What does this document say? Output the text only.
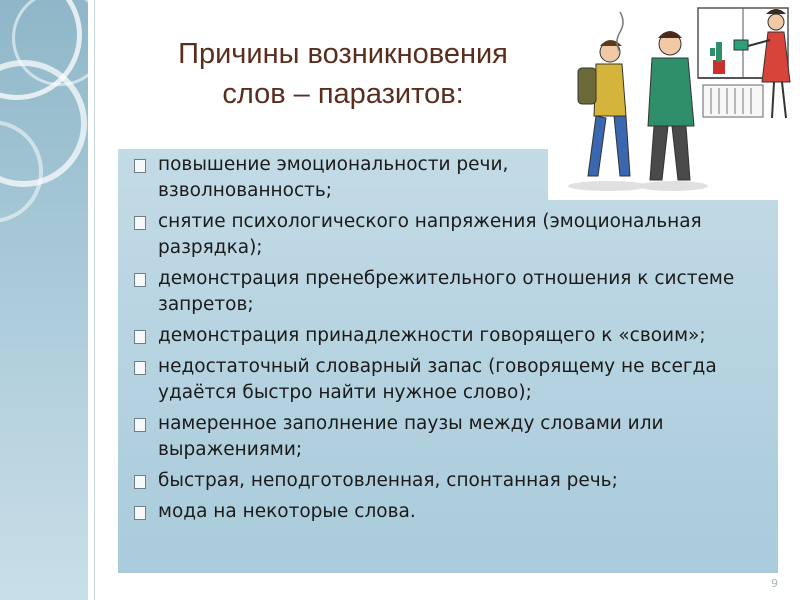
Причины возникновения
слов – паразитов:
повышение эмоциональности речи, взволнованность;
снятие психологического напряжения (эмоциональная разрядка);
демонстрация пренебрежительного отношения к системе запретов;
демонстрация принадлежности говорящего к «своим»;
недостаточный словарный запас (говорящему не всегда удаётся быстро найти нужное слово);
намеренное заполнение паузы между словами или выражениями;
быстрая, неподготовленная, спонтанная речь;
мода на некоторые слова.
9
